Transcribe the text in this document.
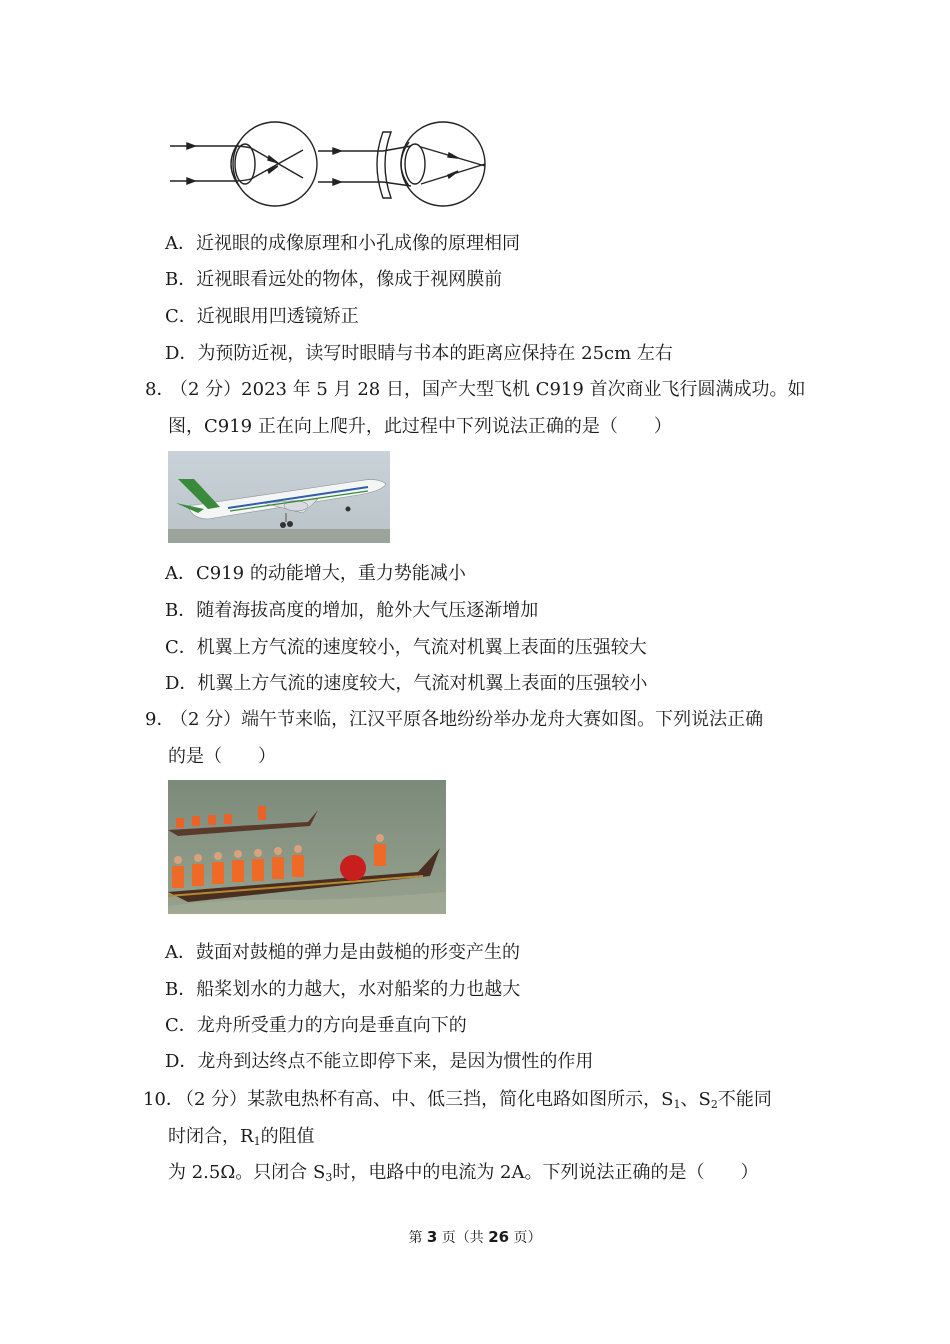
A．近视眼的成像原理和小孔成像的原理相同
B．近视眼看远处的物体，像成于视网膜前
C．近视眼用凹透镜矫正
D．为预防近视，读写时眼睛与书本的距离应保持在 25cm 左右
8．
（2 分）2023 年 5 月 28 日，国产大型飞机 C919 首次商业飞行圆满成功。如
图，C919 正在向上爬升，此过程中下列说法正确的是（　　）
A．C919 的动能增大，重力势能减小
B．随着海拔高度的增加，舱外大气压逐渐增加
C．机翼上方气流的速度较小，气流对机翼上表面的压强较大
D．机翼上方气流的速度较大，气流对机翼上表面的压强较小
9．
（2 分）端午节来临，江汉平原各地纷纷举办龙舟大赛如图。下列说法正确
的是（　　）
A．鼓面对鼓槌的弹力是由鼓槌的形变产生的
B．船桨划水的力越大，水对船桨的力也越大
C．龙舟所受重力的方向是垂直向下的
D．龙舟到达终点不能立即停下来，是因为惯性的作用
10．
（2 分）某款电热杯有高、中、低三挡，简化电路如图所示，$S_1$、$S_2$不能同
时闭合，$R_1$的阻值
为 2.5Ω。只闭合 $S_3$时，电路中的电流为 2A。下列说法正确的是（　　）
第 3 页（共 26 页）
